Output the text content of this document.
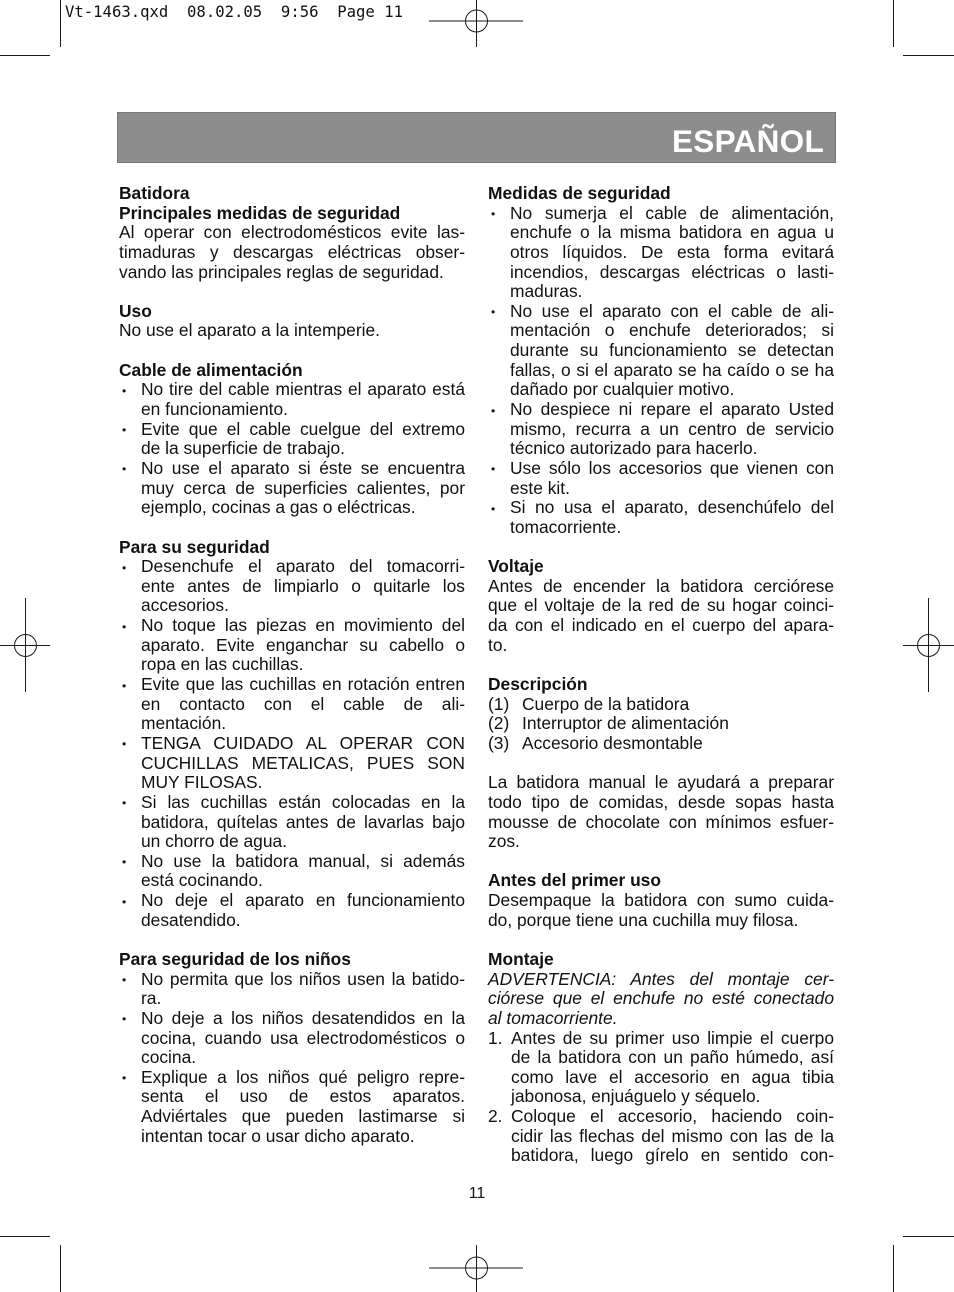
Vt-1463.qxd  08.02.05  9:56  Page 11
ESPAÑOL
Batidora
Principales medidas de seguridad
Al operar con electrodomésticos evite las-
timaduras y descargas eléctricas obser-
vando las principales reglas de seguridad.
Uso
No use el aparato a la intemperie.
Cable de alimentación
• No tire del cable mientras el aparato está
en funcionamiento.
• Evite que el cable cuelgue del extremo
de la superficie de trabajo.
• No use el aparato si éste se encuentra
muy cerca de superficies calientes, por
ejemplo, cocinas a gas o eléctricas.
Para su seguridad
• Desenchufe el aparato del tomacorri-
ente antes de limpiarlo o quitarle los
accesorios.
• No toque las piezas en movimiento del
aparato. Evite enganchar su cabello o
ropa en las cuchillas.
• Evite que las cuchillas en rotación entren
en contacto con el cable de ali-
mentación.
• TENGA CUIDADO AL OPERAR CON
CUCHILLAS METALICAS, PUES SON
MUY FILOSAS.
• Si las cuchillas están colocadas en la
batidora, quítelas antes de lavarlas bajo
un chorro de agua.
• No use la batidora manual, si además
está cocinando.
• No deje el aparato en funcionamiento
desatendido.
Para seguridad de los niños
• No permita que los niños usen la batido-
ra.
• No deje a los niños desatendidos en la
cocina, cuando usa electrodomésticos o
cocina.
• Explique a los niños qué peligro repre-
senta el uso de estos aparatos.
Adviértales que pueden lastimarse si
intentan tocar o usar dicho aparato.
Medidas de seguridad
• No sumerja el cable de alimentación,
enchufe o la misma batidora en agua u
otros líquidos. De esta forma evitará
incendios, descargas eléctricas o lasti-
maduras.
• No use el aparato con el cable de ali-
mentación o enchufe deteriorados; si
durante su funcionamiento se detectan
fallas, o si el aparato se ha caído o se ha
dañado por cualquier motivo.
• No despiece ni repare el aparato Usted
mismo, recurra a un centro de servicio
técnico autorizado para hacerlo.
• Use sólo los accesorios que vienen con
este kit.
• Si no usa el aparato, desenchúfelo del
tomacorriente.
Voltaje
Antes de encender la batidora cerciórese
que el voltaje de la red de su hogar coinci-
da con el indicado en el cuerpo del apara-
to.
Descripción
(1) Cuerpo de la batidora
(2) Interruptor de alimentación
(3) Accesorio desmontable
La batidora manual le ayudará a preparar
todo tipo de comidas, desde sopas hasta
mousse de chocolate con mínimos esfuer-
zos.
Antes del primer uso
Desempaque la batidora con sumo cuida-
do, porque tiene una cuchilla muy filosa.
Montaje
ADVERTENCIA: Antes del montaje cer-
ciórese que el enchufe no esté conectado
al tomacorriente.
1. Antes de su primer uso limpie el cuerpo
de la batidora con un paño húmedo, así
como lave el accesorio en agua tibia
jabonosa, enjuáguelo y séquelo.
2. Coloque el accesorio, haciendo coin-
cidir las flechas del mismo con las de la
batidora, luego gírelo en sentido con-
11
